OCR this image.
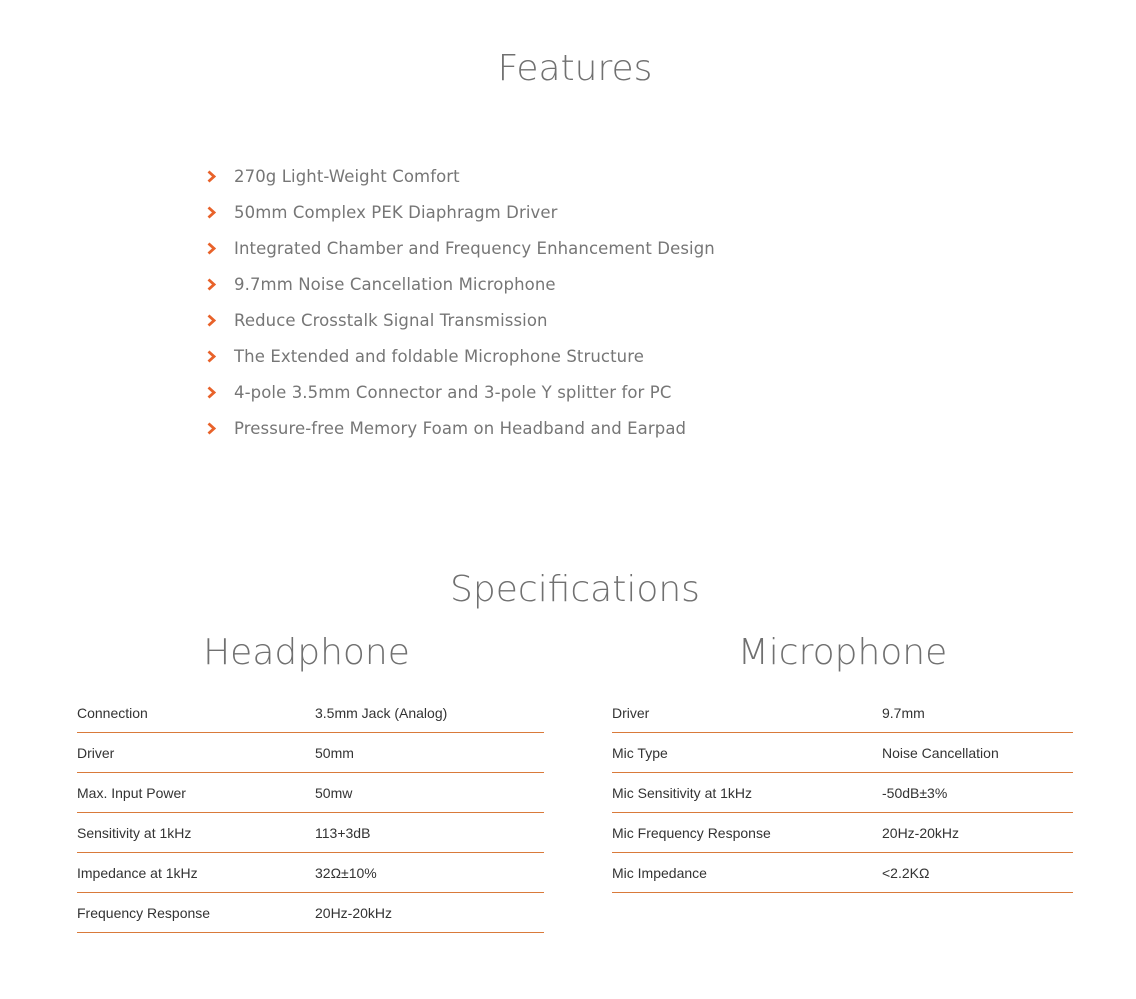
Features
270g Light-Weight Comfort
50mm Complex PEK Diaphragm Driver
Integrated Chamber and Frequency Enhancement Design
9.7mm Noise Cancellation Microphone
Reduce Crosstalk Signal Transmission
The Extended and foldable Microphone Structure
4-pole 3.5mm Connector and 3-pole Y splitter for PC
Pressure-free Memory Foam on Headband and Earpad
Specifications
Headphone
Connection	3.5mm Jack (Analog)
Driver	50mm
Max. Input Power	50mw
Sensitivity at 1kHz	113+3dB
Impedance at 1kHz	32Ω±10%
Frequency Response	20Hz-20kHz
Microphone
Driver	9.7mm
Mic Type	Noise Cancellation
Mic Sensitivity at 1kHz	-50dB±3%
Mic Frequency Response	20Hz-20kHz
Mic Impedance	<2.2KΩ
